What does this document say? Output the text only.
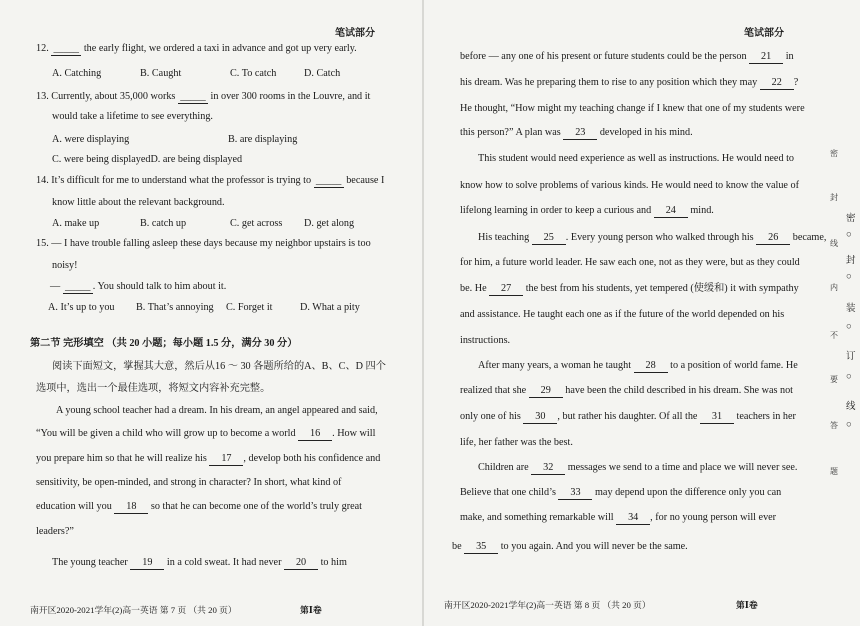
笔试部分
12. _____ the early flight, we ordered a taxi in advance and got up very early.
A. Catching	B. Caught	C. To catch	D. Catch
13. Currently, about 35,000 works _____ in over 300 rooms in the Louvre, and it
would take a lifetime to see everything.
A. were displaying	B. are displaying
C. were being displayedD. are being displayed
14. It’s difficult for me to understand what the professor is trying to _____ because I
know little about the relevant background.
A. make up	B. catch up	C. get across D. get along
15. — I have trouble falling asleep these days because my neighbor upstairs is too
noisy!
— _____ . You should talk to him about it.
A. It’s up to you B. That’s annoying C. Forget it	D. What a pity
第二节 完形填空 （共 20 小题；每小题 1.5 分，满分 30 分）
阅读下面短文，掌握其大意，然后从16 ～ 30 各题所给的A、B、C、D 四个
选项中，选出一个最佳选项，将短文内容补充完整。
A young school teacher had a dream. In his dream, an angel appeared and said,
“You will be given a child who will grow up to become a world 16 . How will
you prepare him so that he will realize his 17 , develop both his confidence and
sensitivity, be open-minded, and strong in character? In short, what kind of
education will you 18 so that he can become one of the world’s truly great
leaders?”
The young teacher 19 in a cold sweat. It had never 20 to him
南开区2020-2021学年(2)高一英语 第 7 页 （共 20 页）	第Ⅰ卷
笔试部分
before — any one of his present or future students could be the person 21 in
his dream. Was he preparing them to rise to any position which they may 22 ?
He thought, “How might my teaching change if I knew that one of my students were
this person?” A plan was 23 developed in his mind.
This student would need experience as well as instructions. He would need to
know how to solve problems of various kinds. He would need to know the value of
lifelong learning in order to keep a curious and 24 mind.
His teaching 25 . Every young person who walked through his 26 became,
for him, a future world leader. He saw each one, not as they were, but as they could
be. He 27 the best from his students, yet tempered (使缓和) it with sympathy
and assistance. He taught each one as if the future of the world depended on his
instructions.
After many years, a woman he taught 28 to a position of world fame. He
realized that she 29 have been the child described in his dream. She was not
only one of his 30 , but rather his daughter. Of all the 31 teachers in her
life, her father was the best.
Children are 32 messages we send to a time and place we will never see.
Believe that one child’s 33 may depend upon the difference only you can
make, and something remarkable will 34 , for no young person will ever
be 35 to you again. And you will never be the same.
南开区2020-2021学年(2)高一英语 第 8 页 （共 20 页）	第Ⅰ卷
密
封
线
内
不
要
答
题
密
○
封
○
装
○
订
○
线
○
